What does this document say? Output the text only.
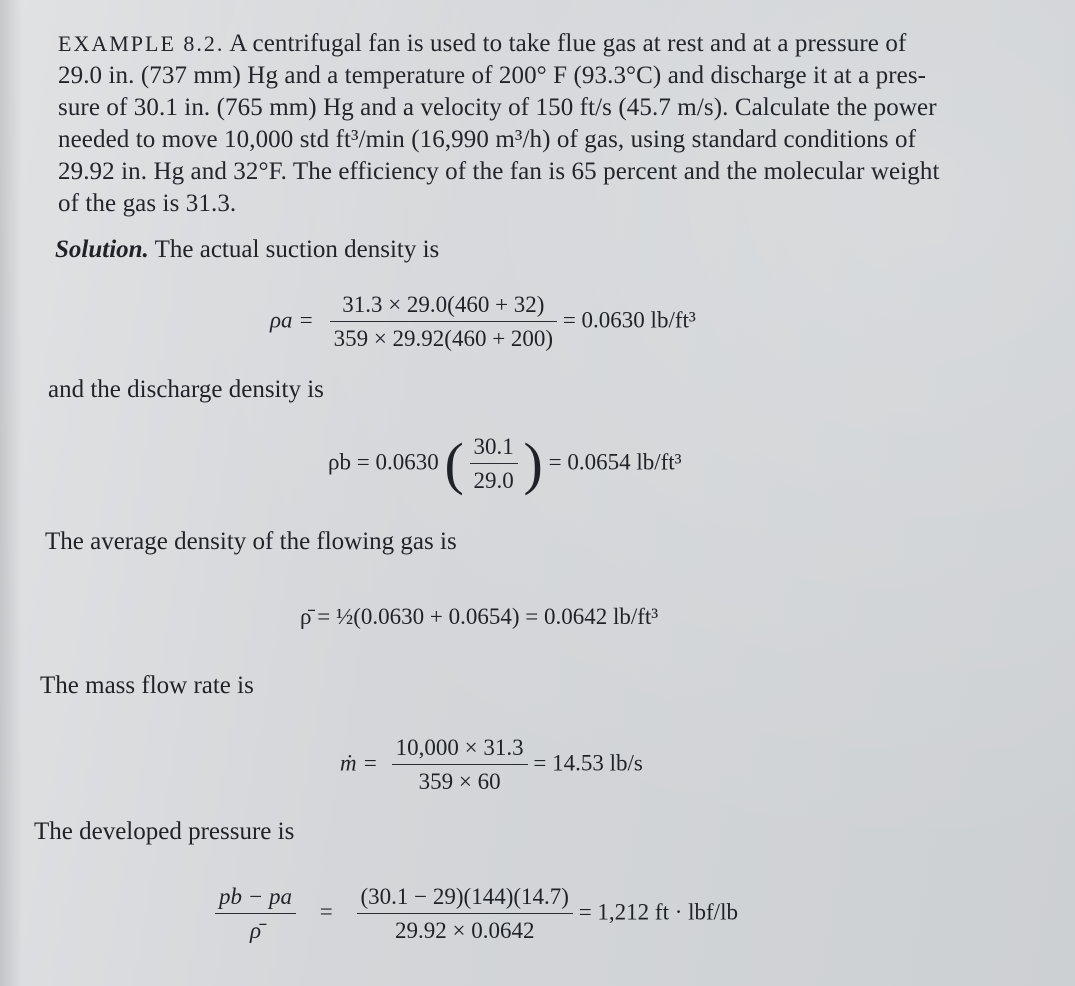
EXAMPLE 8.2. A centrifugal fan is used to take flue gas at rest and at a pressure of
29.0 in. (737 mm) Hg and a temperature of 200° F (93.3°C) and discharge it at a pres-
sure of 30.1 in. (765 mm) Hg and a velocity of 150 ft/s (45.7 m/s). Calculate the power
needed to move 10,000 std ft³/min (16,990 m³/h) of gas, using standard conditions of
29.92 in. Hg and 32°F. The efficiency of the fan is 65 percent and the molecular weight
of the gas is 31.3.
Solution. The actual suction density is
$\rho a = \frac{31.3 \times 29.0(460 + 32)}{359 \times 29.92(460 + 200)} = 0.0630$ lb/ft³
and the discharge density is
ρb = 0.0630 ( $\frac{30.1}{29.0}$ ) = 0.0654 lb/ft³
The average density of the flowing gas is
ρ̄ = ½(0.0630 + 0.0654) = 0.0642 lb/ft³
The mass flow rate is
ṁ = $\frac{10,000 \times 31.3}{359 \times 60} = 14.53$ lb/s
The developed pressure is
$\frac{pb - pa}{\rhō} = \frac{(30.1 - 29)(144)(14.7)}{29.92 \times 0.0642} = 1,212$ ft · lbf/lb
